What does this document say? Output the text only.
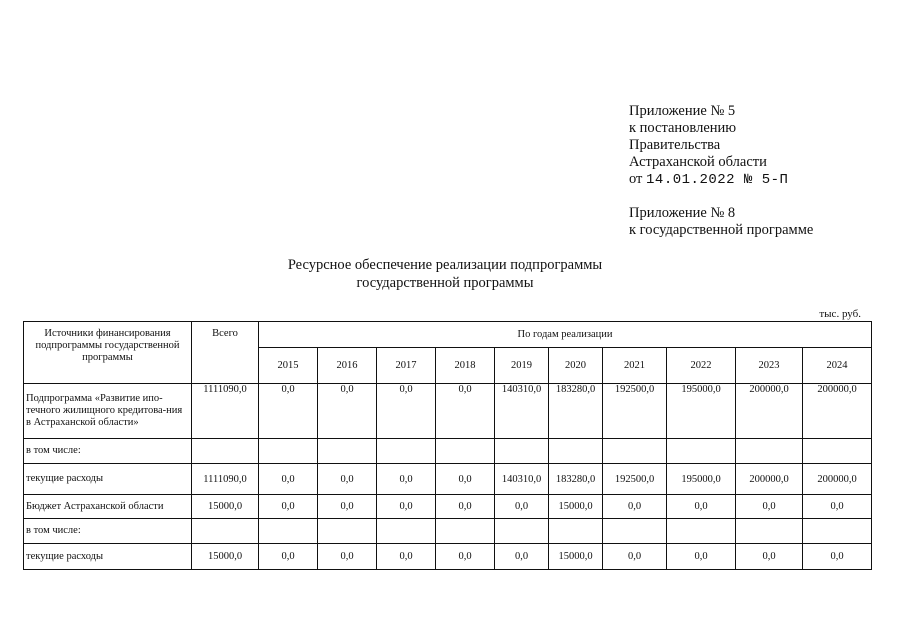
Приложение № 5
к постановлению
Правительства
Астраханской области
от 14.01.2022 № 5-П
Приложение № 8
к государственной программе
Ресурсное обеспечение реализации подпрограммы
государственной программы
тыс. руб.
Источники финансирования подпрограммы государственной программы	Всего	По годам реализации									
		2015	2016	2017	2018	2019	2020	2021	2022	2023	2024
Подпрограмма «Развитие ипо-течного жилищного кредитова-ния в Астраханской области»	1111090,0	0,0	0,0	0,0	0,0	140310,0	183280,0	192500,0	195000,0	200000,0	200000,0
в том числе:											
текущие расходы	1111090,0	0,0	0,0	0,0	0,0	140310,0	183280,0	192500,0	195000,0	200000,0	200000,0
Бюджет Астраханской области	15000,0	0,0	0,0	0,0	0,0	0,0	15000,0	0,0	0,0	0,0	0,0
в том числе:											
текущие расходы	15000,0	0,0	0,0	0,0	0,0	0,0	15000,0	0,0	0,0	0,0	0,0
